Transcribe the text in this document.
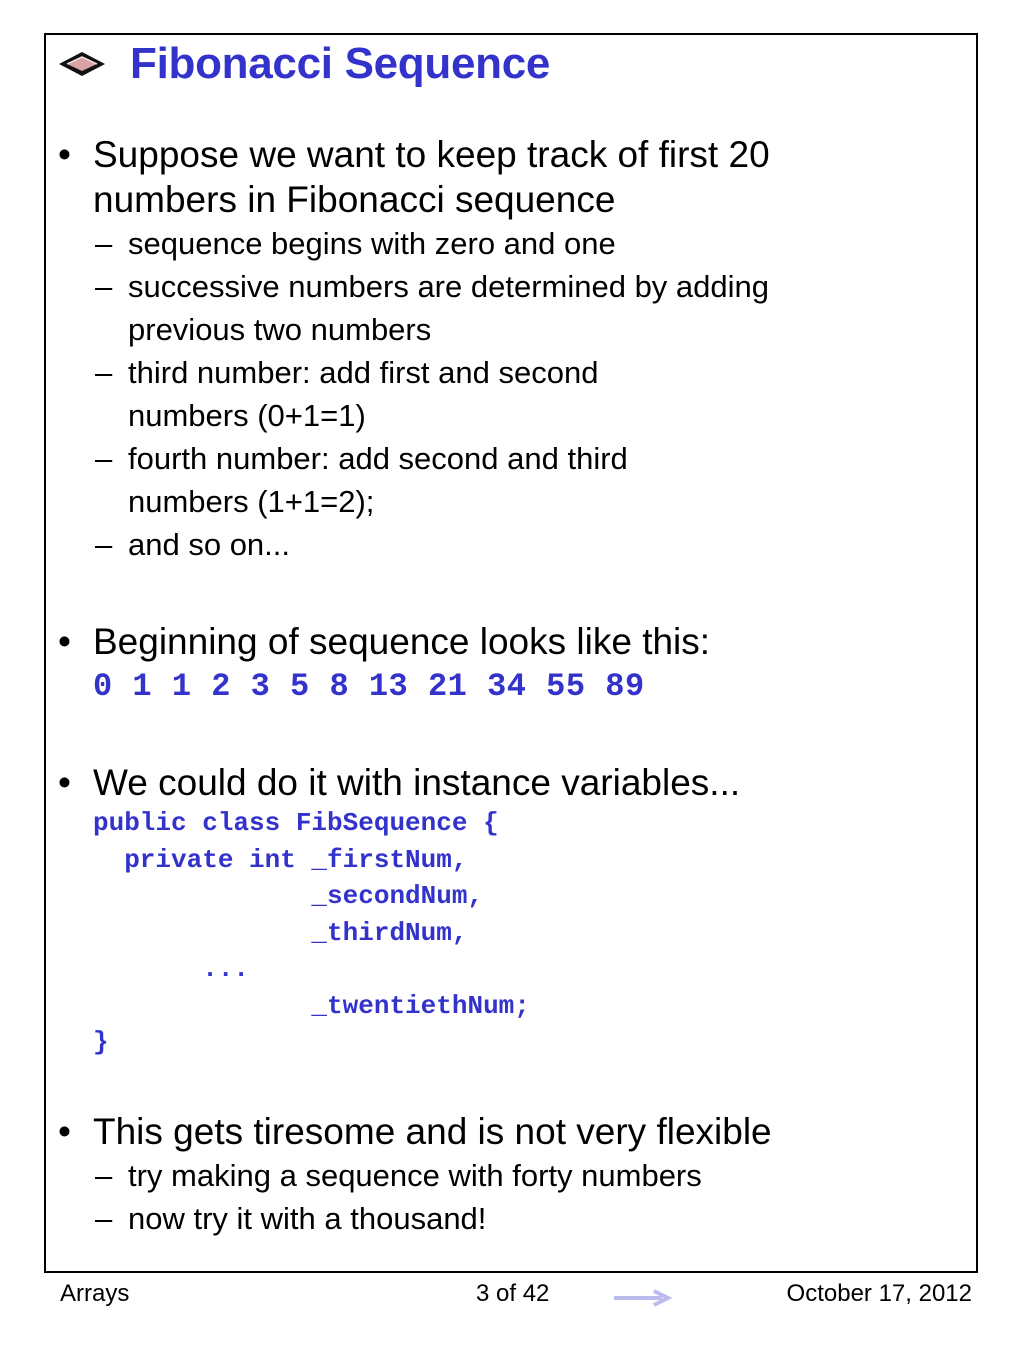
Fibonacci Sequence
• Suppose we want to keep track of first 20
numbers in Fibonacci sequence
– sequence begins with zero and one
– successive numbers are determined by adding
previous two numbers
– third number: add first and second
numbers (0+1=1)
– fourth number: add second and third
numbers (1+1=2);
– and so on...
• Beginning of sequence looks like this:
0 1 1 2 3 5 8 13 21 34 55 89
• We could do it with instance variables...
public class FibSequence {
private int _firstNum,
_secondNum,
_thirdNum,
...
_twentiethNum;
}
• This gets tiresome and is not very flexible
– try making a sequence with forty numbers
– now try it with a thousand!
Arrays	3 of 42	October 17, 2012
